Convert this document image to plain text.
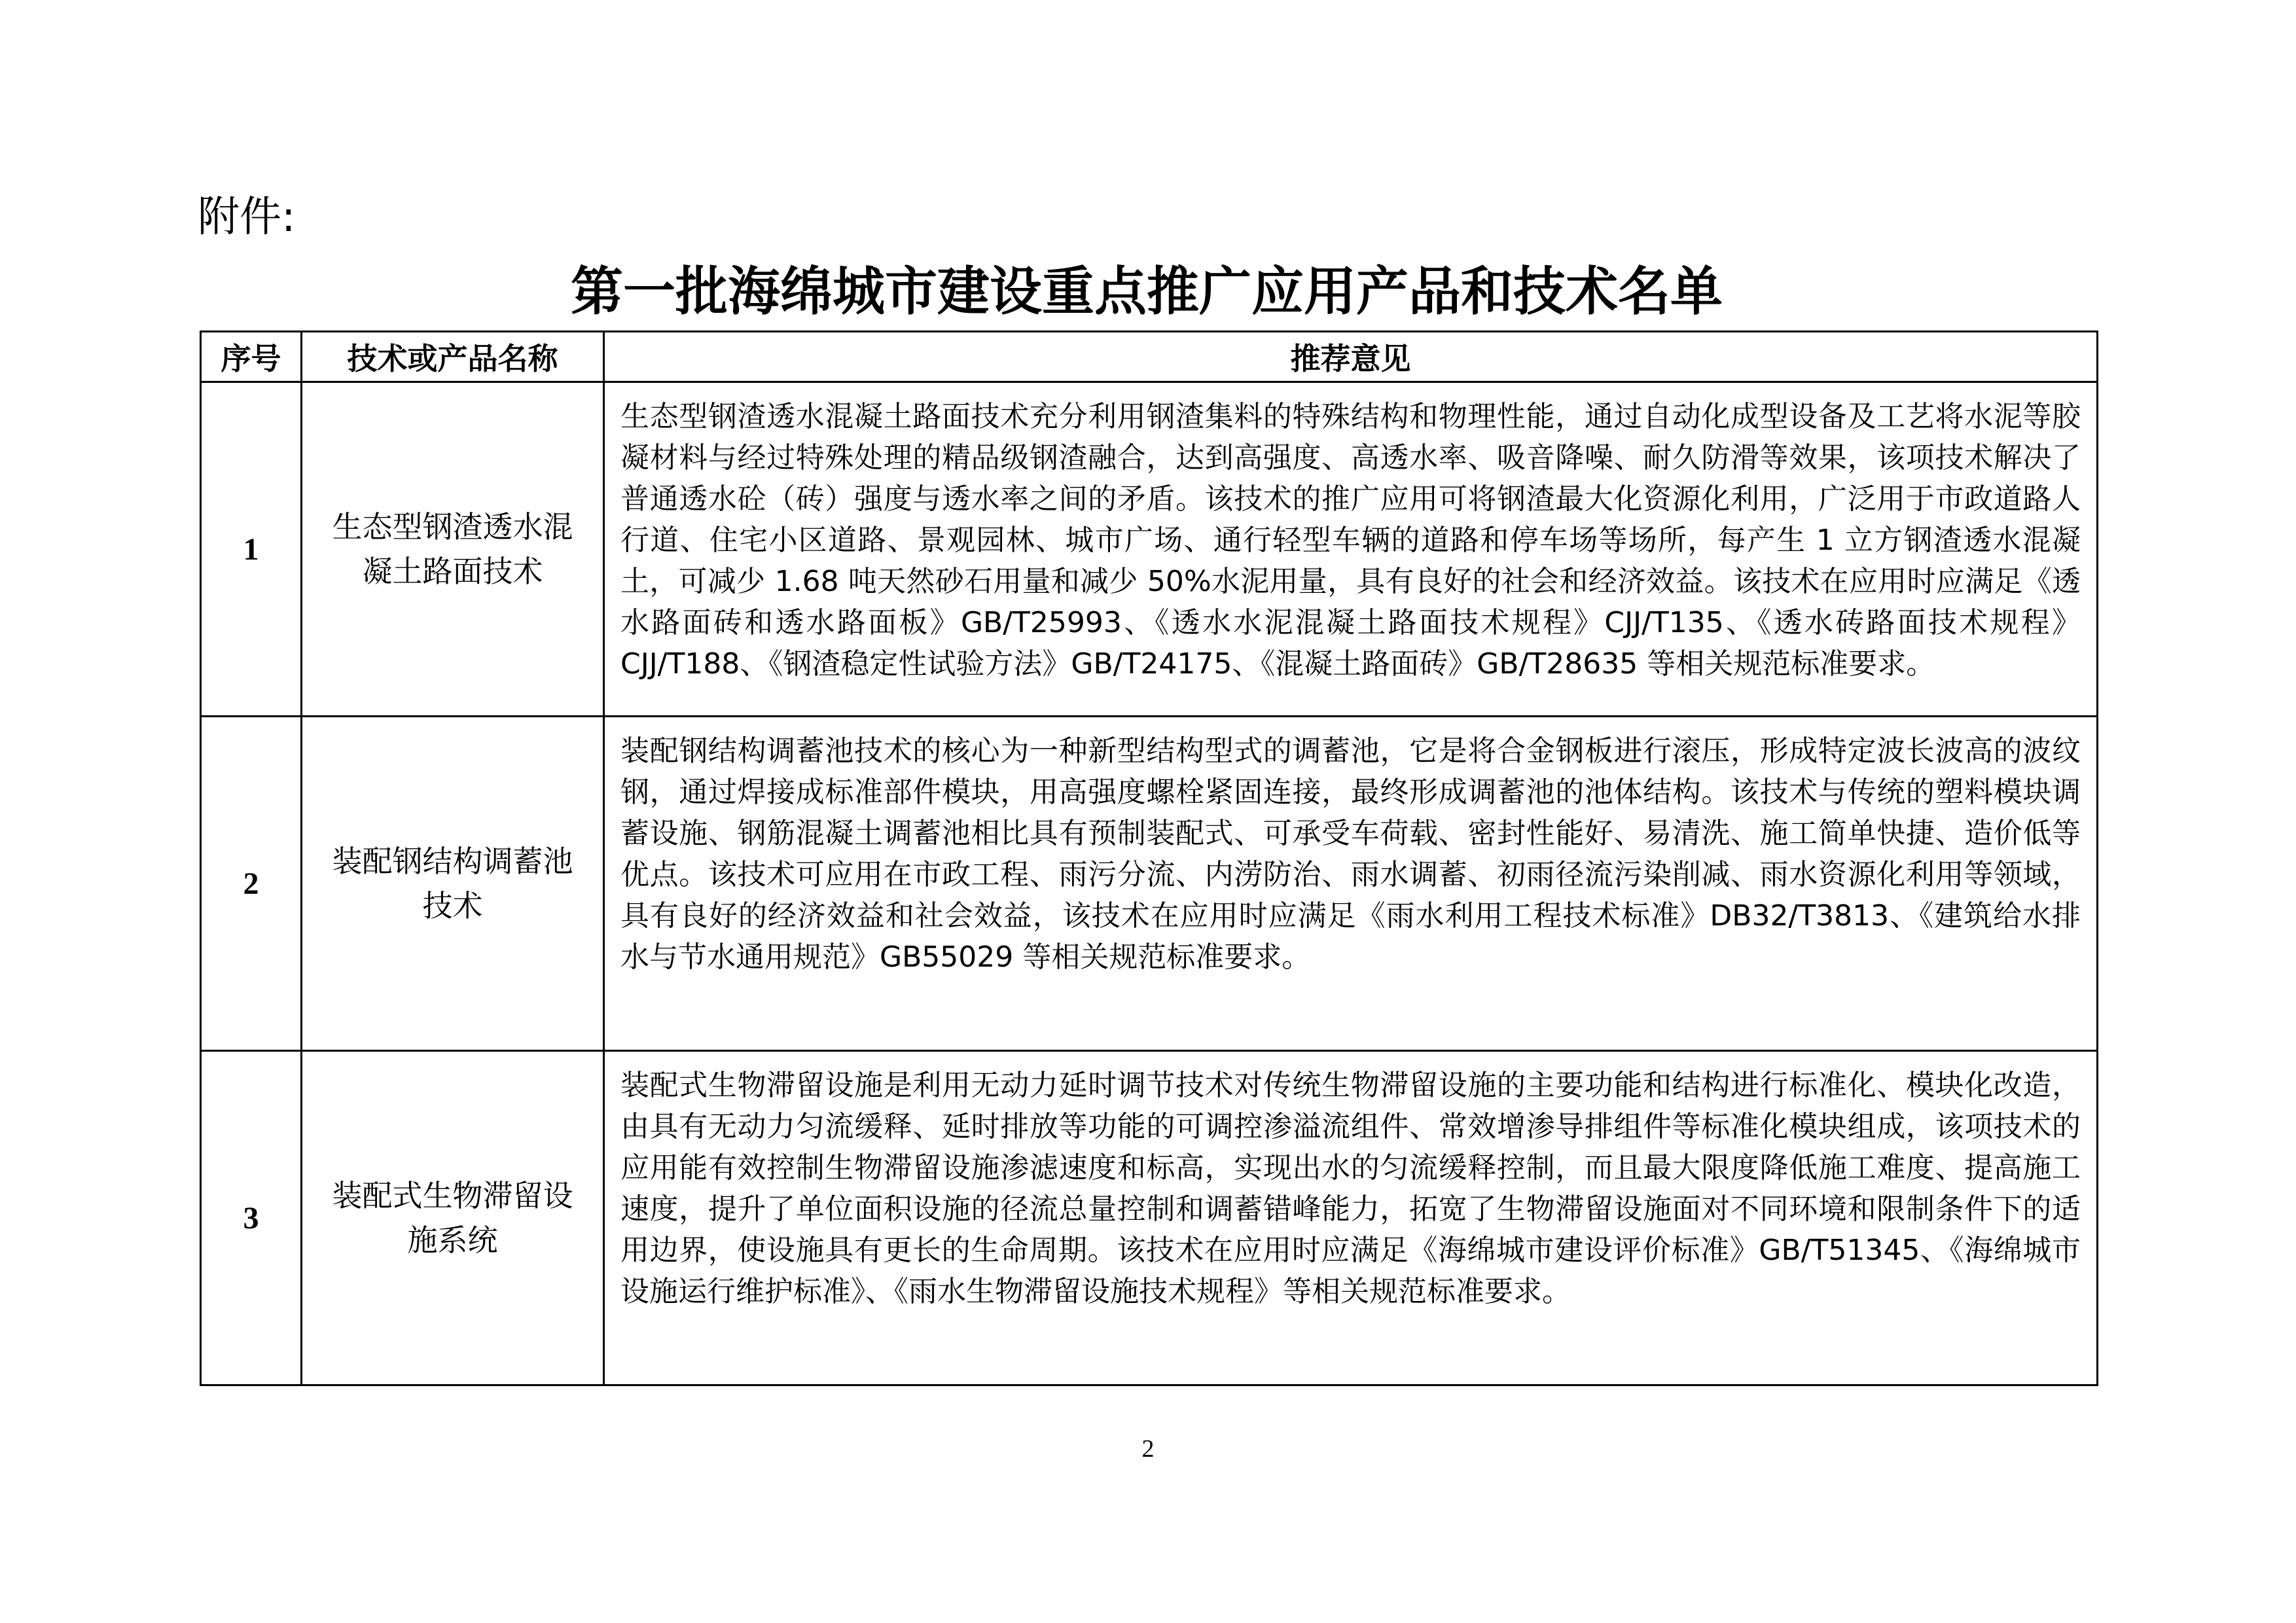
附件:
第一批海绵城市建设重点推广应用产品和技术名单
序号	技术或产品名称	推荐意见
1	生态型钢渣透水混凝土路面技术	生态型钢渣透水混凝土路面技术充分利用钢渣集料的特殊结构和物理性能，通过自动化成型设备及工艺将水泥等胶凝材料与经过特殊处理的精品级钢渣融合，达到高强度、高透水率、吸音降噪、耐久防滑等效果，该项技术解决了普通透水砼（砖）强度与透水率之间的矛盾。该技术的推广应用可将钢渣最大化资源化利用，广泛用于市政道路人行道、住宅小区道路、景观园林、城市广场、通行轻型车辆的道路和停车场等场所，每产生 1 立方钢渣透水混凝土，可减少 1.68 吨天然砂石用量和减少 50%水泥用量，具有良好的社会和经济效益。该技术在应用时应满足《透水路面砖和透水路面板》GB/T25993、《透水水泥混凝土路面技术规程》CJJ/T135、《透水砖路面技术规程》CJJ/T188、《钢渣稳定性试验方法》GB/T24175、《混凝土路面砖》GB/T28635 等相关规范标准要求。
2	装配钢结构调蓄池技术	装配钢结构调蓄池技术的核心为一种新型结构型式的调蓄池，它是将合金钢板进行滚压，形成特定波长波高的波纹钢，通过焊接成标准部件模块，用高强度螺栓紧固连接，最终形成调蓄池的池体结构。该技术与传统的塑料模块调蓄设施、钢筋混凝土调蓄池相比具有预制装配式、可承受车荷载、密封性能好、易清洗、施工简单快捷、造价低等优点。该技术可应用在市政工程、雨污分流、内涝防治、雨水调蓄、初雨径流污染削减、雨水资源化利用等领域，具有良好的经济效益和社会效益，该技术在应用时应满足《雨水利用工程技术标准》DB32/T3813、《建筑给水排水与节水通用规范》GB55029 等相关规范标准要求。
3	装配式生物滞留设施系统	装配式生物滞留设施是利用无动力延时调节技术对传统生物滞留设施的主要功能和结构进行标准化、模块化改造，由具有无动力匀流缓释、延时排放等功能的可调控渗溢流组件、常效增渗导排组件等标准化模块组成，该项技术的应用能有效控制生物滞留设施渗滤速度和标高，实现出水的匀流缓释控制，而且最大限度降低施工难度、提高施工速度，提升了单位面积设施的径流总量控制和调蓄错峰能力，拓宽了生物滞留设施面对不同环境和限制条件下的适用边界，使设施具有更长的生命周期。该技术在应用时应满足《海绵城市建设评价标准》GB/T51345、《海绵城市设施运行维护标准》、《雨水生物滞留设施技术规程》等相关规范标准要求。
2
